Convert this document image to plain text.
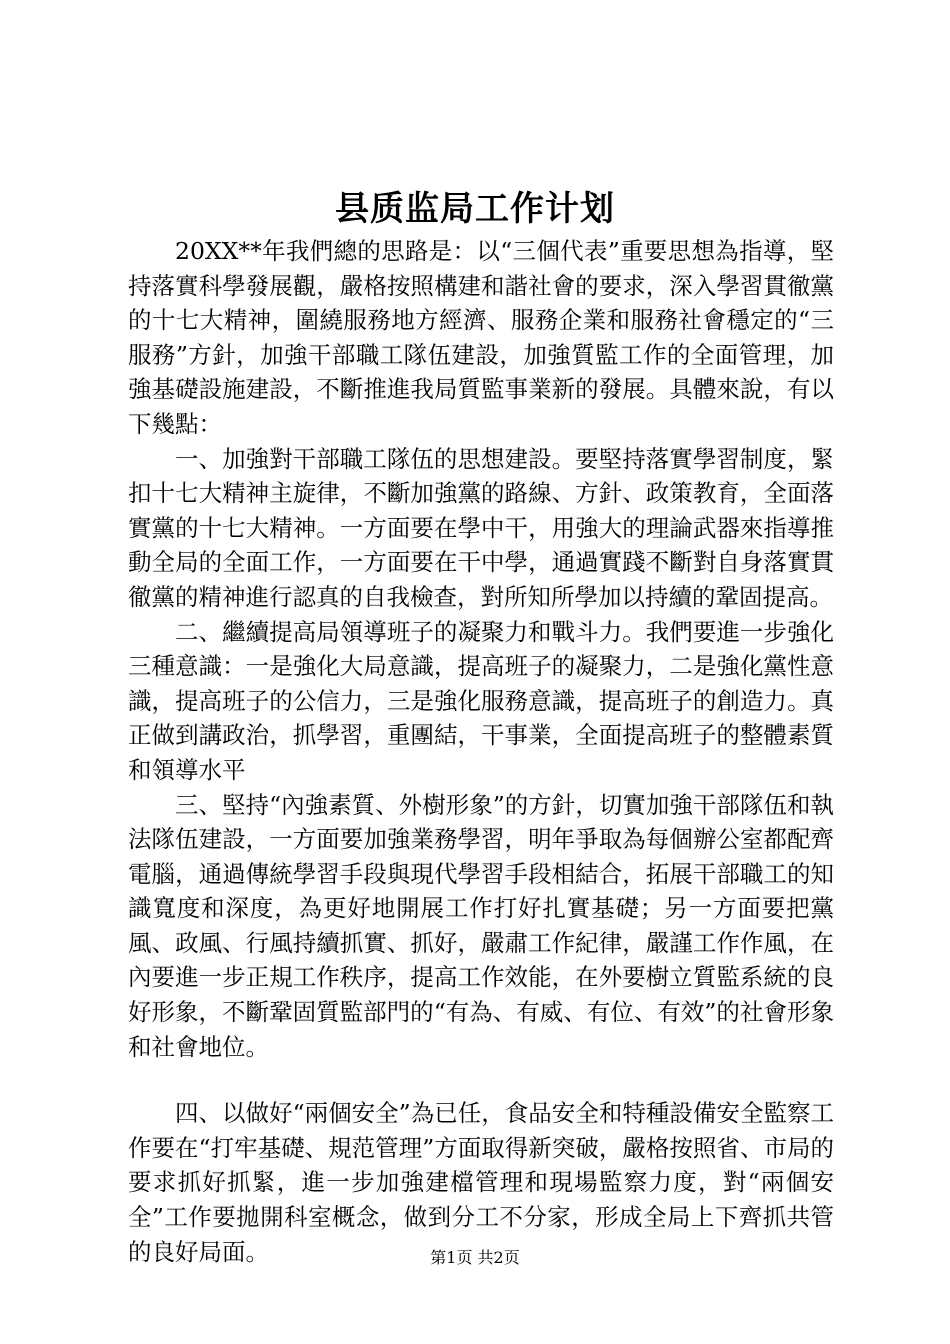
县质监局工作计划

20XX**年我們總的思路是：以“三個代表”重要思想為指導，堅持落實科學發展觀，嚴格按照構建和諧社會的要求，深入學習貫徹黨的十七大精神，圍繞服務地方經濟、服務企業和服務社會穩定的“三服務”方針，加強干部職工隊伍建設，加強質監工作的全面管理，加強基礎設施建設，不斷推進我局質監事業新的發展。具體來說，有以下幾點：

一、加強對干部職工隊伍的思想建設。要堅持落實學習制度，緊扣十七大精神主旋律，不斷加強黨的路線、方針、政策教育，全面落實黨的十七大精神。一方面要在學中干，用強大的理論武器來指導推動全局的全面工作，一方面要在干中學，通過實踐不斷對自身落實貫徹黨的精神進行認真的自我檢查，對所知所學加以持續的鞏固提高。

二、繼續提高局領導班子的凝聚力和戰斗力。我們要進一步強化三種意識：一是強化大局意識，提高班子的凝聚力，二是強化黨性意識，提高班子的公信力，三是強化服務意識，提高班子的創造力。真正做到講政治，抓學習，重團結，干事業，全面提高班子的整體素質和領導水平

三、堅持“內強素質、外樹形象”的方針，切實加強干部隊伍和執法隊伍建設，一方面要加強業務學習，明年爭取為每個辦公室都配齊電腦，通過傳統學習手段與現代學習手段相結合，拓展干部職工的知識寬度和深度，為更好地開展工作打好扎實基礎；另一方面要把黨風、政風、行風持續抓實、抓好，嚴肅工作紀律，嚴謹工作作風，在內要進一步正規工作秩序，提高工作效能，在外要樹立質監系統的良好形象，不斷鞏固質監部門的“有為、有威、有位、有效”的社會形象和社會地位。

四、以做好“兩個安全”為已任，食品安全和特種設備安全監察工作要在“打牢基礎、規范管理”方面取得新突破，嚴格按照省、市局的要求抓好抓緊，進一步加強建檔管理和現場監察力度，對“兩個安全”工作要拋開科室概念，做到分工不分家，形成全局上下齊抓共管的良好局面。	第1页 共2页
